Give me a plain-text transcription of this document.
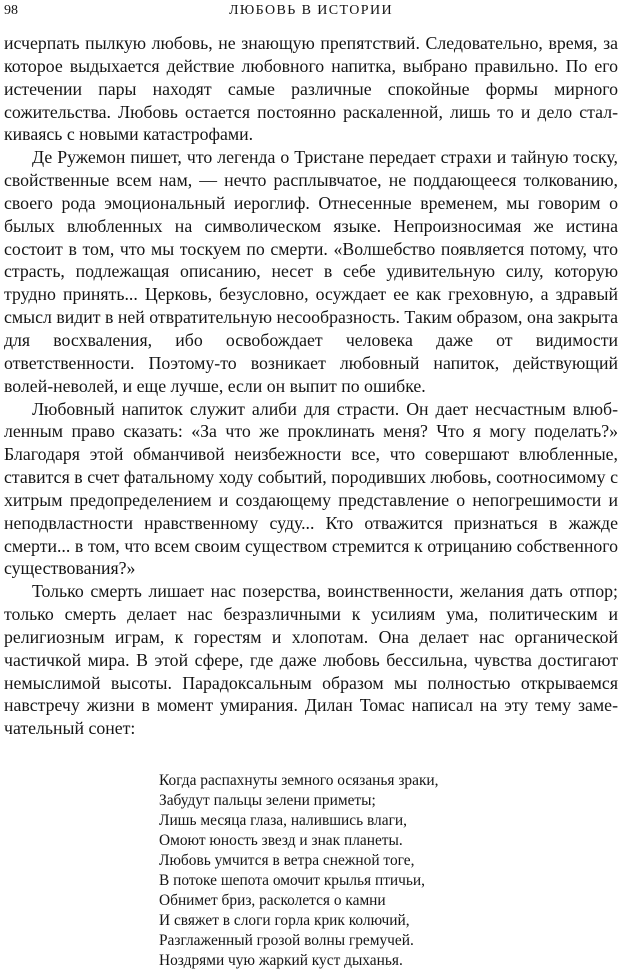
98	ЛЮБОВЬ В ИСТОРИИ

исчерпать пылкую любовь, не знающую препятствий. Следовательно, время, за которое выдыхается действие любовного напитка, выбрано правильно. По его истечении пары находят самые различные спокойные формы мирного сожительства. Любовь остается постоянно раскаленной, лишь то и дело сталкиваясь с новыми катастрофами.

Де Ружемон пишет, что легенда о Тристане передает страхи и тайную тоску, свойственные всем нам, — нечто расплывчатое, не поддающееся толкованию, своего рода эмоциональный иероглиф. Отнесенные временем, мы говорим о былых влюбленных на символическом языке. Непроизносимая же истина состоит в том, что мы тоскуем по смерти. «Волшебство появляется потому, что страсть, подлежащая описанию, несет в себе удивительную силу, которую трудно принять... Церковь, безусловно, осуждает ее как греховную, а здравый смысл видит в ней отвратительную несообразность. Таким образом, она закрыта для восхваления, ибо освобождает человека даже от видимости ответственности. Поэтому-то возникает любовный напиток, действующий волей-неволей, и еще лучше, если он выпит по ошибке.

Любовный напиток служит алиби для страсти. Он дает несчастным влюбленным право сказать: «За что же проклинать меня? Что я могу поделать?» Благодаря этой обманчивой неизбежности все, что совершают влюбленные, ставится в счет фатальному ходу событий, породивших любовь, соотносимому с хитрым предопределением и создающему представление о непогрешимости и неподвластности нравственному суду... Кто отважится признаться в жажде смерти... в том, что всем своим существом стремится к отрицанию собственного существования?»

Только смерть лишает нас позерства, воинственности, желания дать отпор; только смерть делает нас безразличными к усилиям ума, политическим и религиозным играм, к горестям и хлопотам. Она делает нас органической частичкой мира. В этой сфере, где даже любовь бессильна, чувства достигают немыслимой высоты. Парадоксальным образом мы полностью открываемся навстречу жизни в момент умирания. Дилан Томас написал на эту тему замечательный сонет:

Когда распахнуты земного осязанья зраки,
Забудут пальцы зелени приметы;
Лишь месяца глаза, налившись влаги,
Омоют юность звезд и знак планеты.
Любовь умчится в ветра снежной тоге,
В потоке шепота омочит крылья птичьи,
Обнимет бриз, расколется о камни
И свяжет в слоги горла крик колючий,
Разглаженный грозой волны гремучей.
Ноздрями чую жаркий куст дыханья.
